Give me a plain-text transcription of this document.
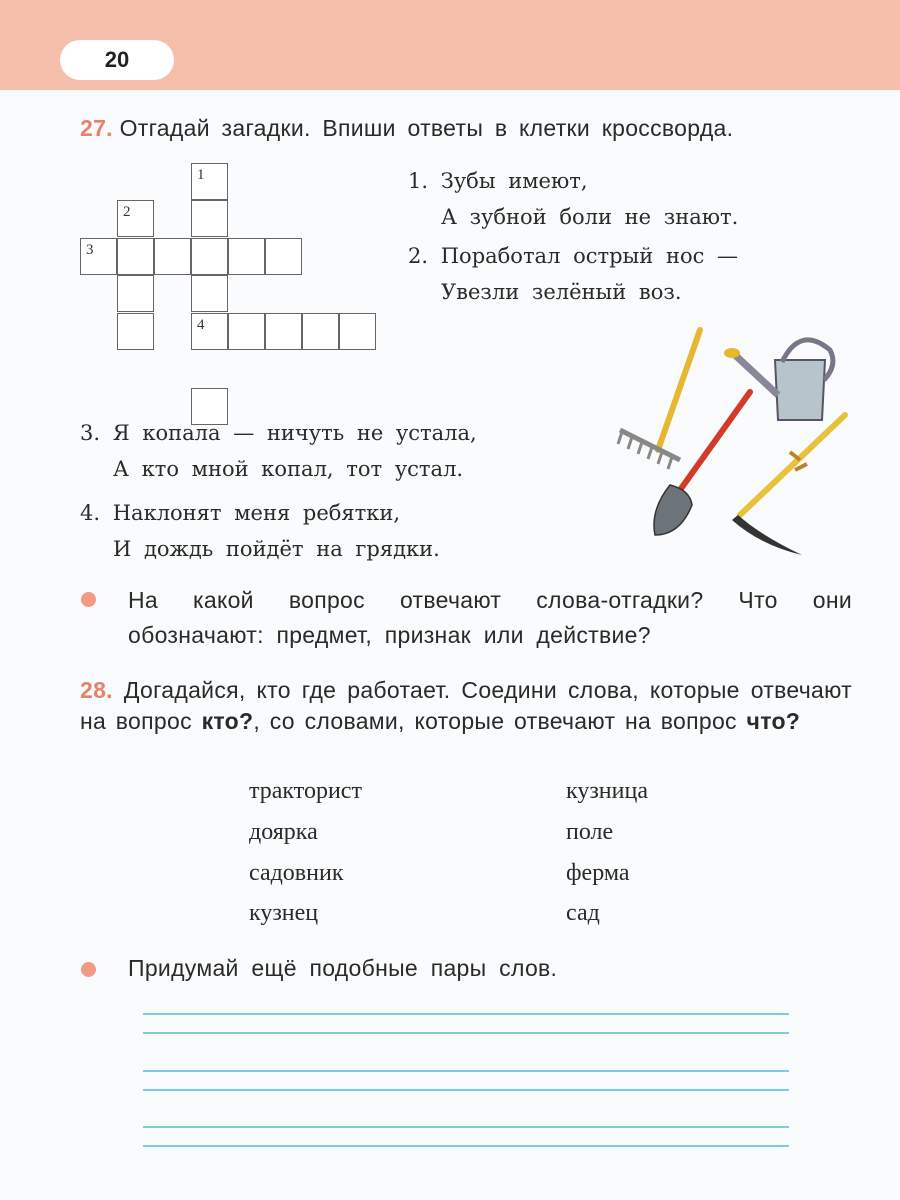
20
27. Отгадай загадки. Впиши ответы в клетки кроссворда.
1
2
3
4
1. Зубы имеют,
А зубной боли не знают.
2. Поработал острый нос —
Увезли зелёный воз.
3. Я копала — ничуть не устала,
А кто мной копал, тот устал.
4. Наклонят меня ребятки,
И дождь пойдёт на грядки.
На какой вопрос отвечают слова-отгадки? Что они обозначают: предмет, признак или действие?
28. Догадайся, кто где работает. Соедини слова, которые отвечают на вопрос кто?, со словами, которые отвечают на вопрос что?
тракторист
доярка
садовник
кузнец
кузница
поле
ферма
сад
Придумай ещё подобные пары слов.
